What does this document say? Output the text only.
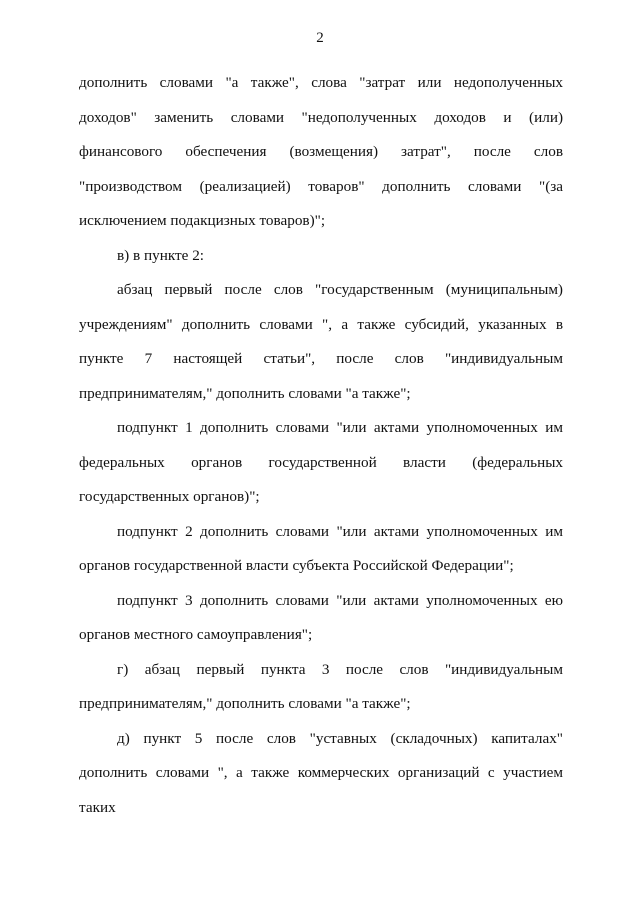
2

дополнить словами "а также", слова "затрат или недополученных доходов" заменить словами "недополученных доходов и (или) финансового обеспечения (возмещения) затрат", после слов "производством (реализацией) товаров" дополнить словами "(за исключением подакцизных товаров)";

в) в пункте 2:

абзац первый после слов "государственным (муниципальным) учреждениям" дополнить словами ", а также субсидий, указанных в пункте 7 настоящей статьи", после слов "индивидуальным предпринимателям," дополнить словами "а также";

подпункт 1 дополнить словами "или актами уполномоченных им федеральных органов государственной власти (федеральных государственных органов)";

подпункт 2 дополнить словами "или актами уполномоченных им органов государственной власти субъекта Российской Федерации";

подпункт 3 дополнить словами "или актами уполномоченных ею органов местного самоуправления";

г) абзац первый пункта 3 после слов "индивидуальным предпринимателям," дополнить словами "а также";

д) пункт 5 после слов "уставных (складочных) капиталах" дополнить словами ", а также коммерческих организаций с участием таких
